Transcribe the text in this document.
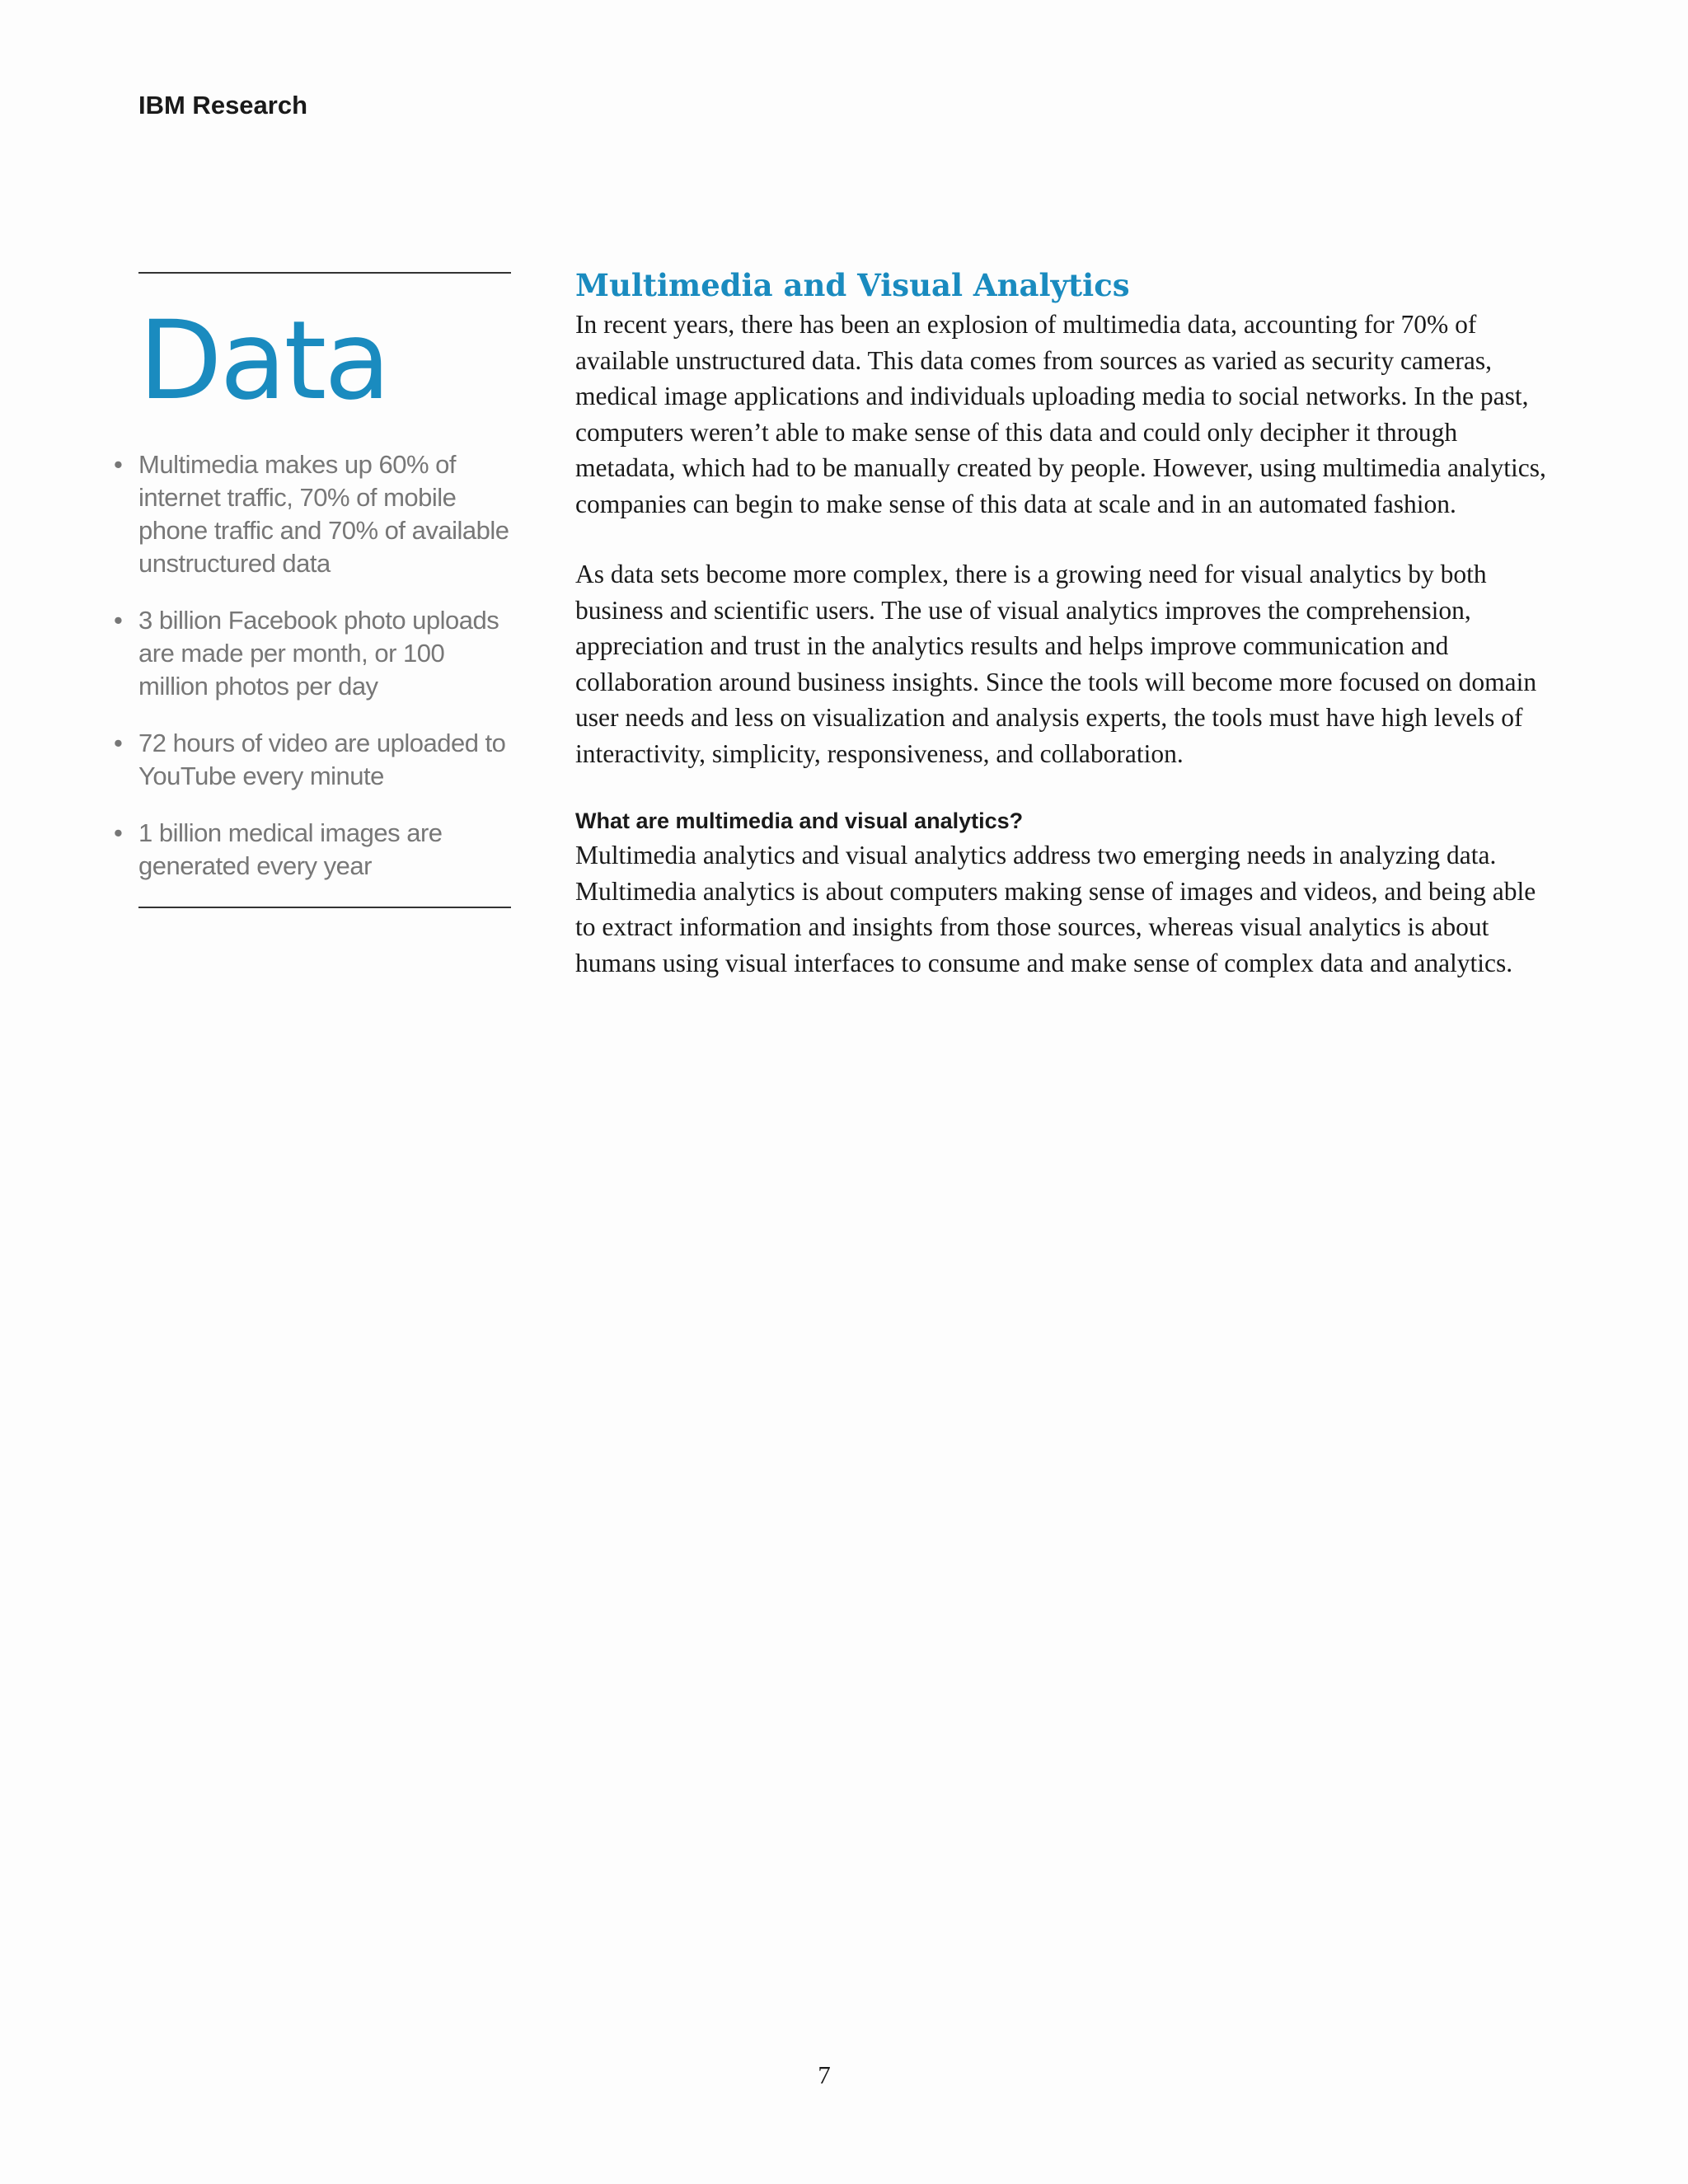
IBM Research
Data
• Multimedia makes up 60% of internet traffic, 70% of mobile phone traffic and 70% of available unstructured data
• 3 billion Facebook photo uploads are made per month, or 100 million photos per day
• 72 hours of video are uploaded to YouTube every minute
• 1 billion medical images are generated every year
Multimedia and Visual Analytics

In recent years, there has been an explosion of multimedia data, accounting for 70% of available unstructured data. This data comes from sources as varied as security cameras, medical image applications and individuals uploading media to social networks. In the past, computers weren’t able to make sense of this data and could only decipher it through metadata, which had to be manually created by people. However, using multimedia analytics, companies can begin to make sense of this data at scale and in an automated fashion.

As data sets become more complex, there is a growing need for visual analytics by both business and scientific users. The use of visual analytics improves the comprehension, appreciation and trust in the analytics results and helps improve communication and collaboration around business insights. Since the tools will become more focused on domain user needs and less on visualization and analysis experts, the tools must have high levels of interactivity, simplicity, responsiveness, and collaboration.

What are multimedia and visual analytics?

Multimedia analytics and visual analytics address two emerging needs in analyzing data. Multimedia analytics is about computers making sense of images and videos, and being able to extract information and insights from those sources, whereas visual analytics is about humans using visual interfaces to consume and make sense of complex data and analytics.

7
